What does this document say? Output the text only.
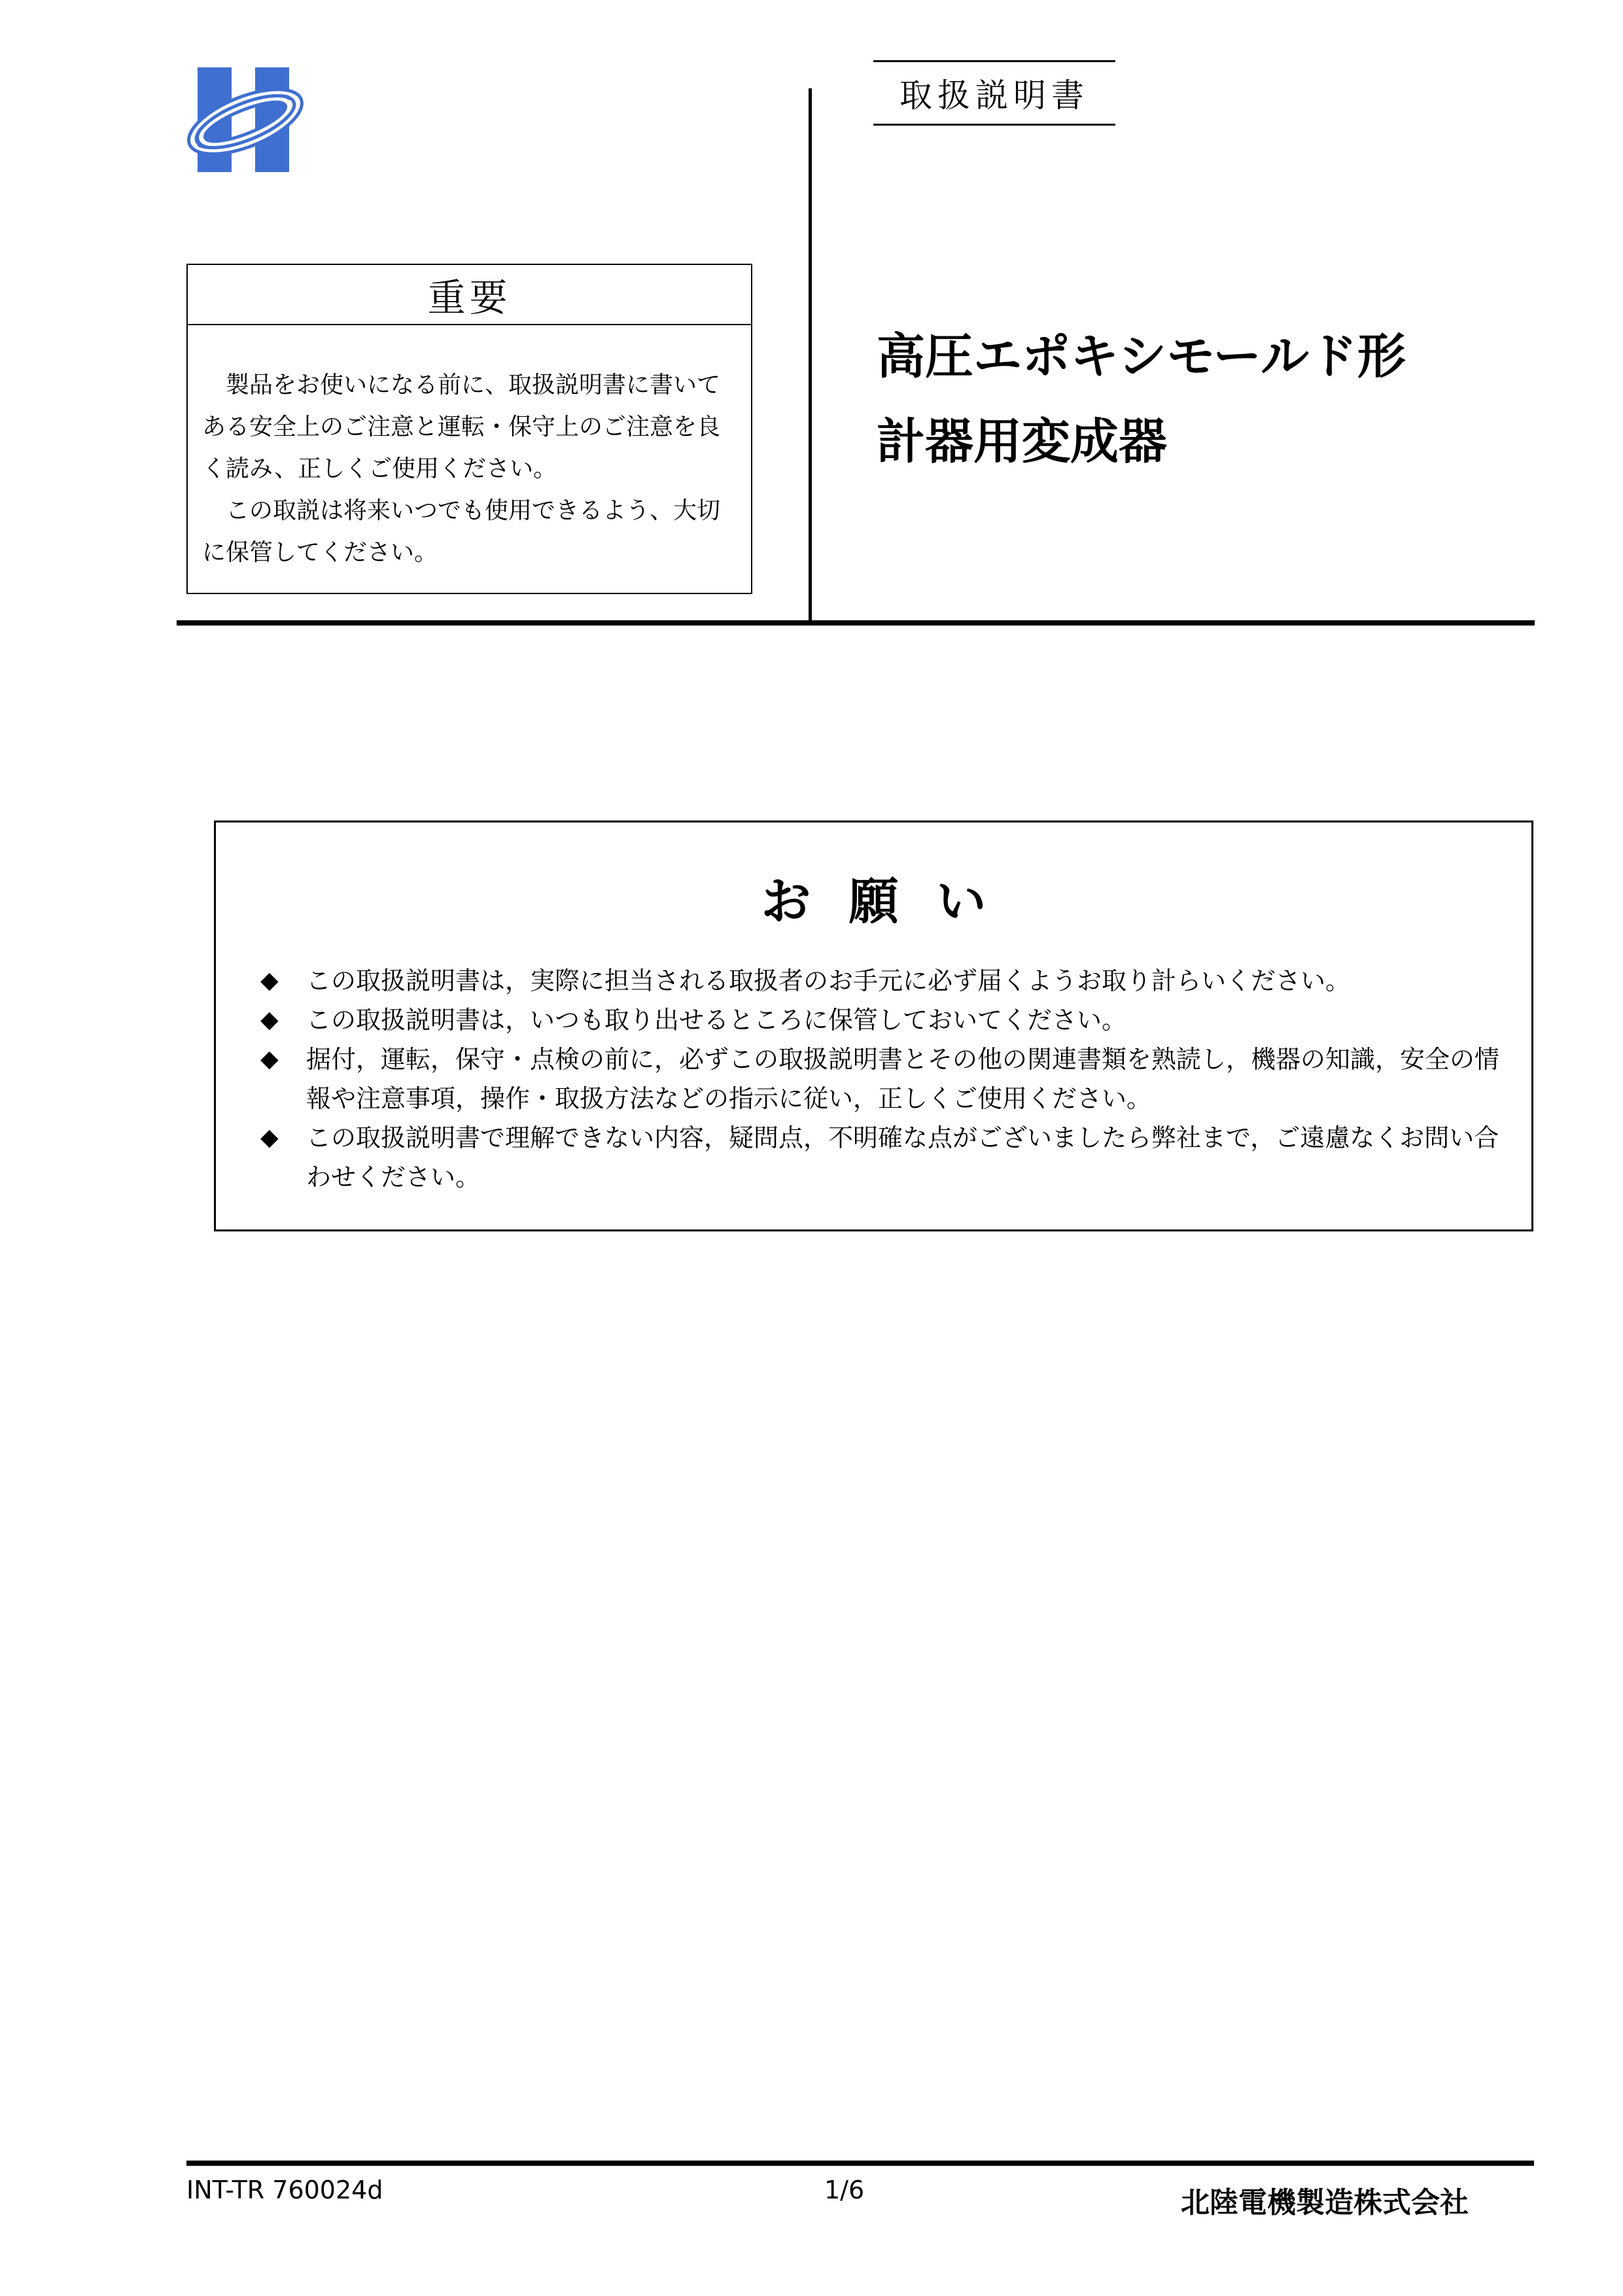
取扱説明書
重要

　製品をお使いになる前に、取扱説明書に書いてある安全上のご注意と運転・保守上のご注意を良く読み、正しくご使用ください。

　この取説は将来いつでも使用できるよう、大切に保管してください。

高圧エポキシモールド形
計器用変成器
お願い
◆ この取扱説明書は，実際に担当される取扱者のお手元に必ず届くようお取り計らいください。
◆ この取扱説明書は，いつも取り出せるところに保管しておいてください。
◆ 据付，運転，保守・点検の前に，必ずこの取扱説明書とその他の関連書類を熟読し，機器の知識，安全の情報や注意事項，操作・取扱方法などの指示に従い，正しくご使用ください。
◆ この取扱説明書で理解できない内容，疑問点，不明確な点がございましたら弊社まで，ご遠慮なくお問い合わせください。
INT-TR 760024d	1/6	北陸電機製造株式会社
